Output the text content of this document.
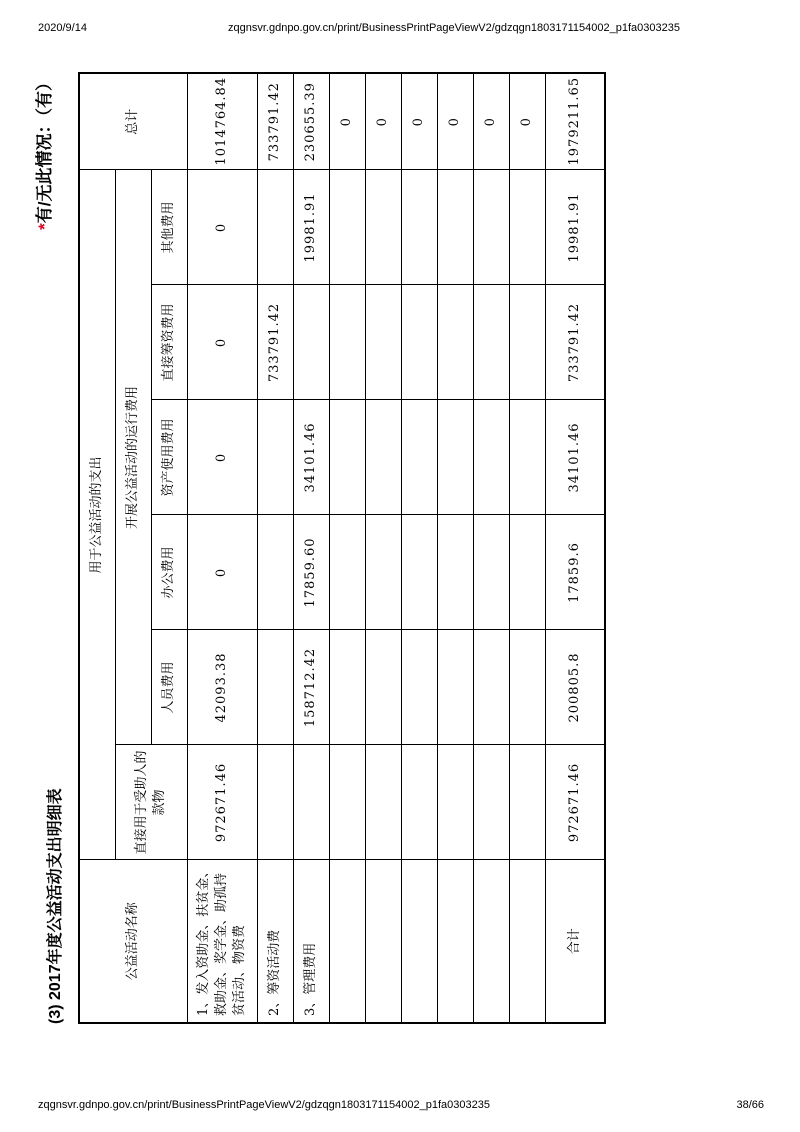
2020/9/14	zqgnsvr.gdnpo.gov.cn/print/BusinessPrintPageViewV2/gdzqgn1803171154002_p1fa0303235
(3) 2017年度公益活动支出明细表
*有/无此情况：（有）
公益活动名称	用于公益活动的支出						总计
	直接用于受助人的款物	开展公益活动的运行费用					
		人员费用	办公费用	资产使用费用	直接筹资费用	其他费用	
1、发入资助金、扶贫金、救助金、奖学金、助孤持贫活动、物资费	972671.46	42093.38	0	0	0	0	1014764.84
2、筹资活动费					733791.42		733791.42
3、管理费用		158712.42	17859.60	34101.46		19981.91	230655.39
							0
							0
							0
							0
							0
							0
合计	972671.46	200805.8	17859.6	34101.46	733791.42	19981.91	1979211.65
zqgnsvr.gdnpo.gov.cn/print/BusinessPrintPageViewV2/gdzqgn1803171154002_p1fa0303235	38/66
